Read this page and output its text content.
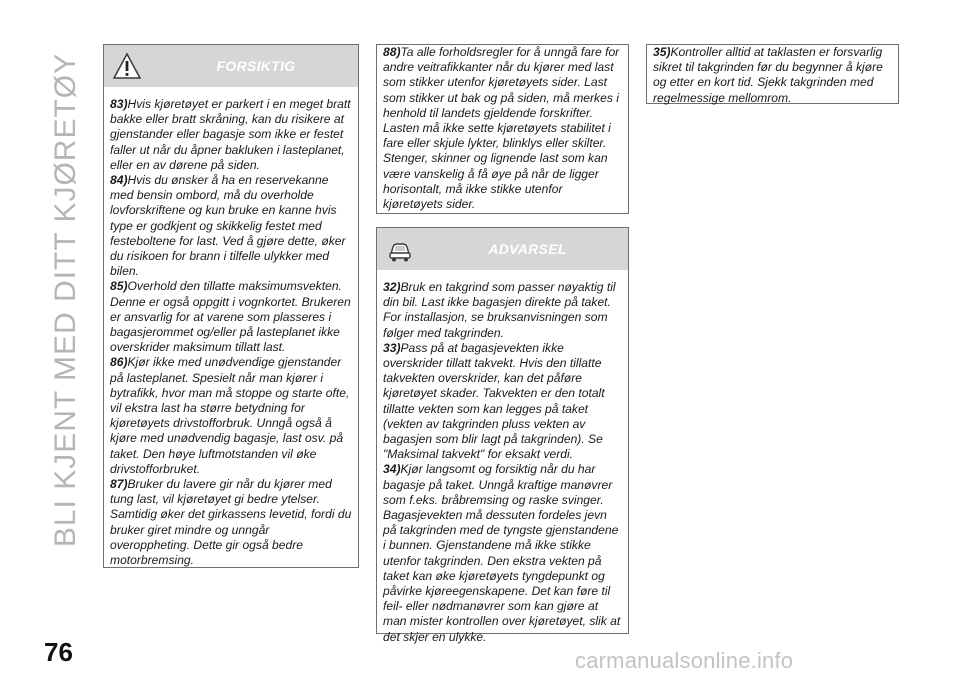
BLI KJENT MED DITT KJØRETØY	FORSIKTIG

83)Hvis kjøretøyet er parkert i en meget bratt bakke eller bratt skråning, kan du risikere at gjenstander eller bagasje som ikke er festet faller ut når du åpner bakluken i lasteplanet, eller en av dørene på siden.

84)Hvis du ønsker å ha en reservekanne med bensin ombord, må du overholde lovforskriftene og kun bruke en kanne hvis type er godkjent og skikkelig festet med festeboltene for last. Ved å gjøre dette, øker du risikoen for brann i tilfelle ulykker med bilen.

85)Overhold den tillatte maksimumsvekten. Denne er også oppgitt i vognkortet. Brukeren er ansvarlig for at varene som plasseres i bagasjerommet og/eller på lasteplanet ikke overskrider maksimum tillatt last.

86)Kjør ikke med unødvendige gjenstander på lasteplanet. Spesielt når man kjører i bytrafikk, hvor man må stoppe og starte ofte, vil ekstra last ha større betydning for kjøretøyets drivstofforbruk. Unngå også å kjøre med unødvendig bagasje, last osv. på taket. Den høye luftmotstanden vil øke drivstofforbruket.

87)Bruker du lavere gir når du kjører med tung last, vil kjøretøyet gi bedre ytelser. Samtidig øker det girkassens levetid, fordi du bruker giret mindre og unngår overoppheting. Dette gir også bedre motorbremsing.

88)Ta alle forholdsregler for å unngå fare for andre veitrafikkanter når du kjører med last som stikker utenfor kjøretøyets sider. Last som stikker ut bak og på siden, må merkes i henhold til landets gjeldende forskrifter. Lasten må ikke sette kjøretøyets stabilitet i fare eller skjule lykter, blinklys eller skilter. Stenger, skinner og lignende last som kan være vanskelig å få øye på når de ligger horisontalt, må ikke stikke utenfor kjøretøyets sider.

ADVARSEL

32)Bruk en takgrind som passer nøyaktig til din bil. Last ikke bagasjen direkte på taket. For installasjon, se bruksanvisningen som følger med takgrinden.

33)Pass på at bagasjevekten ikke overskrider tillatt takvekt. Hvis den tillatte takvekten overskrider, kan det påføre kjøretøyet skader. Takvekten er den totalt tillatte vekten som kan legges på taket (vekten av takgrinden pluss vekten av bagasjen som blir lagt på takgrinden). Se "Maksimal takvekt" for eksakt verdi.

34)Kjør langsomt og forsiktig når du har bagasje på taket. Unngå kraftige manøvrer som f.eks. bråbremsing og raske svinger. Bagasjevekten må dessuten fordeles jevn på takgrinden med de tyngste gjenstandene i bunnen. Gjenstandene må ikke stikke utenfor takgrinden. Den ekstra vekten på taket kan øke kjøretøyets tyngdepunkt og påvirke kjøreegenskapene. Det kan føre til feil- eller nødmanøvrer som kan gjøre at man mister kontrollen over kjøretøyet, slik at det skjer en ulykke.

35)Kontroller alltid at taklasten er forsvarlig sikret til takgrinden før du begynner å kjøre og etter en kort tid. Sjekk takgrinden med regelmessige mellomrom.

76	carmanualsonline.info
